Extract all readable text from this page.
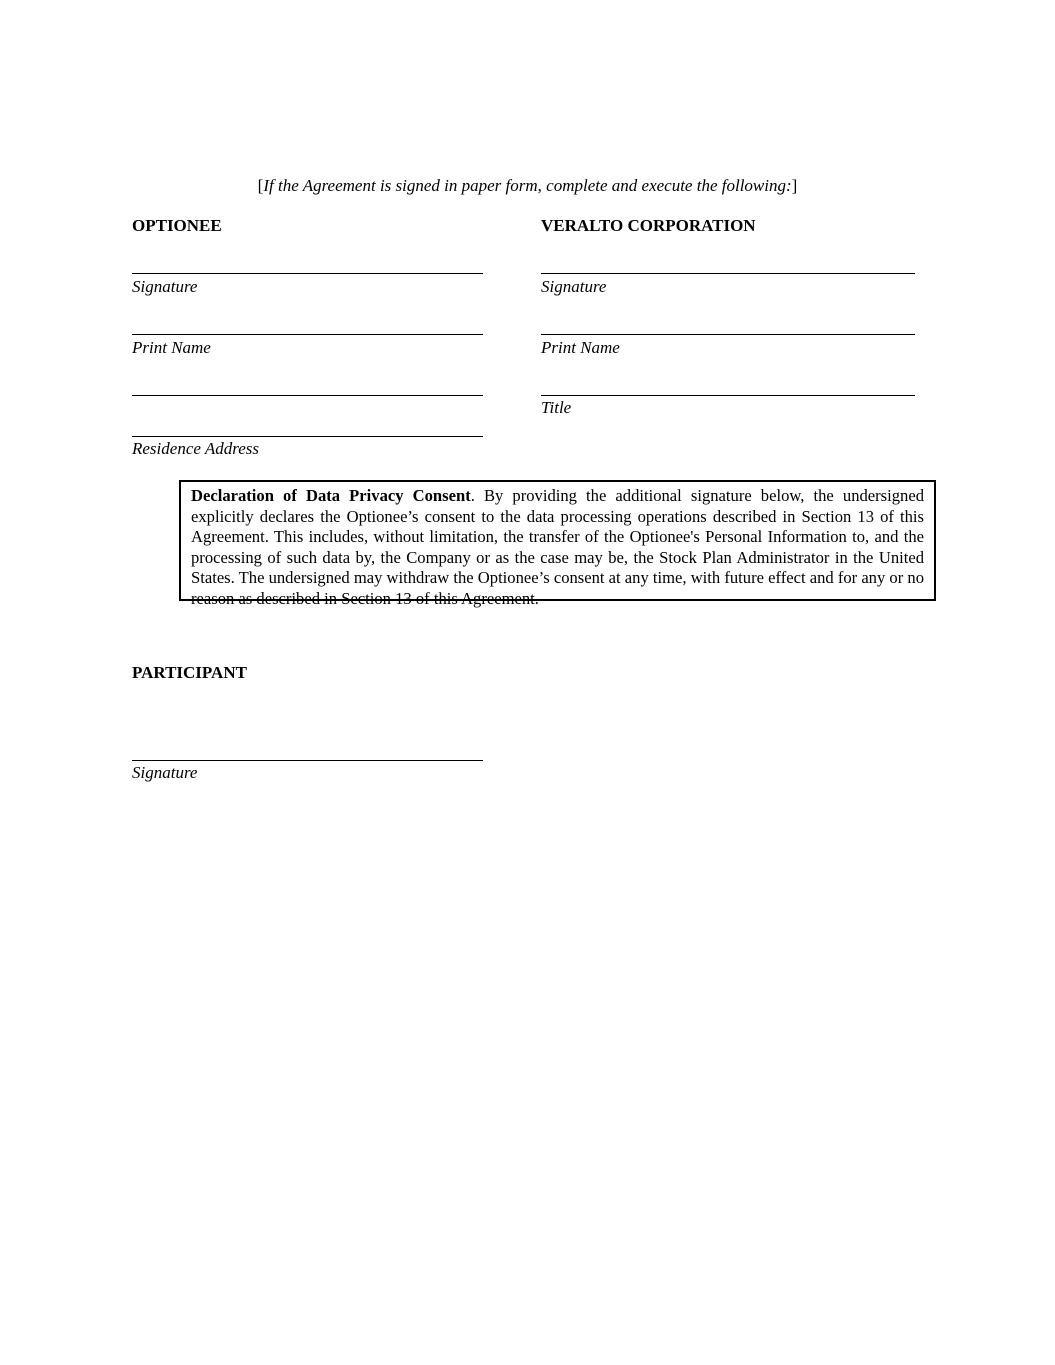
[If the Agreement is signed in paper form, complete and execute the following:]
OPTIONEE
Signature
Print Name
Residence Address
VERALTO CORPORATION
Signature
Print Name
Title
Declaration of Data Privacy Consent. By providing the additional signature below, the undersigned explicitly declares the Optionee’s consent to the data processing operations described in Section 13 of this Agreement. This includes, without limitation, the transfer of the Optionee's Personal Information to, and the processing of such data by, the Company or as the case may be, the Stock Plan Administrator in the United States. The undersigned may withdraw the Optionee’s consent at any time, with future effect and for any or no reason as described in Section 13 of this Agreement.
PARTICIPANT
Signature
